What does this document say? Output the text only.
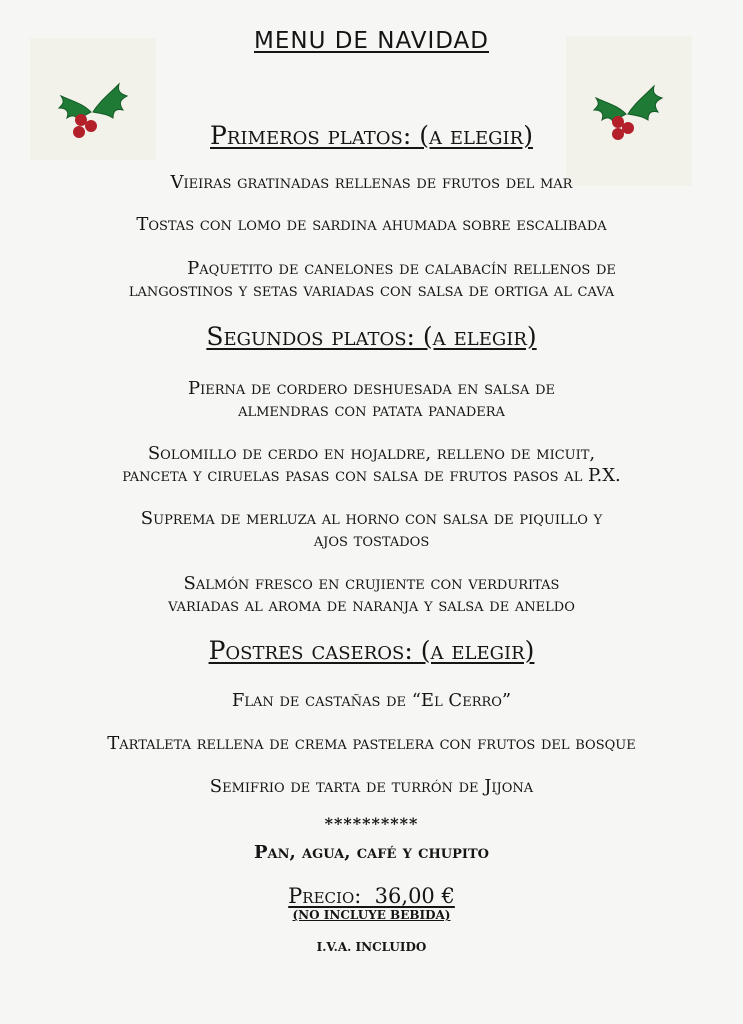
MENU DE NAVIDAD
Primeros platos: (a elegir)
Vieiras gratinadas rellenas de frutos del mar
Tostas con lomo de sardina ahumada sobre escalibada
Paquetito de canelones de calabacín rellenos de
langostinos y setas variadas con salsa de ortiga al cava
Segundos platos: (a elegir)
Pierna de cordero deshuesada en salsa de
almendras con patata panadera
Solomillo de cerdo en hojaldre, relleno de micuit,
panceta y ciruelas pasas con salsa de frutos pasos al P.X.
Suprema de merluza al horno con salsa de piquillo y
ajos tostados
Salmón fresco en crujiente con verduritas
variadas al aroma de naranja y salsa de aneldo
Postres caseros: (a elegir)
Flan de castañas de “El Cerro”
Tartaleta rellena de crema pastelera con frutos del bosque
Semifrio de tarta de turrón de Jijona
**********
Pan, agua, café y chupito
Precio:  36,00 €
(NO INCLUYE BEBIDA)
I.V.A. INCLUIDO
